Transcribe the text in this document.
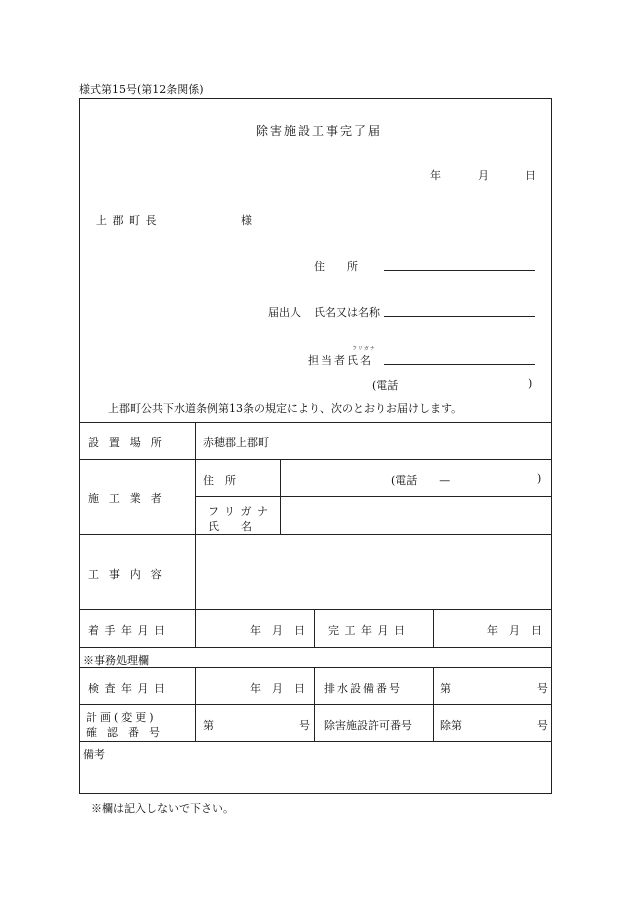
様式第15号(第12条関係)
除害施設工事完了届
年	月	日
上郡町長	様
住　　所
届出人 氏名又は名称
フリガナ
担当者氏名
(電話	)
上郡町公共下水道条例第13条の規定により、次のとおりお届けします。
設置場所	赤穂郡上郡町
施工業者
住　所	(電話　　—	)
フリガナ
氏　　名
工事内容
着手年月日	年　月　日 完工年月日	年　月　日
※事務処理欄
検査年月日	年　月　日 排水設備番号	第	号
計画(変更)
確認番号
第	号 除害施設許可番号	除第	号
備考
※欄は記入しないで下さい。
